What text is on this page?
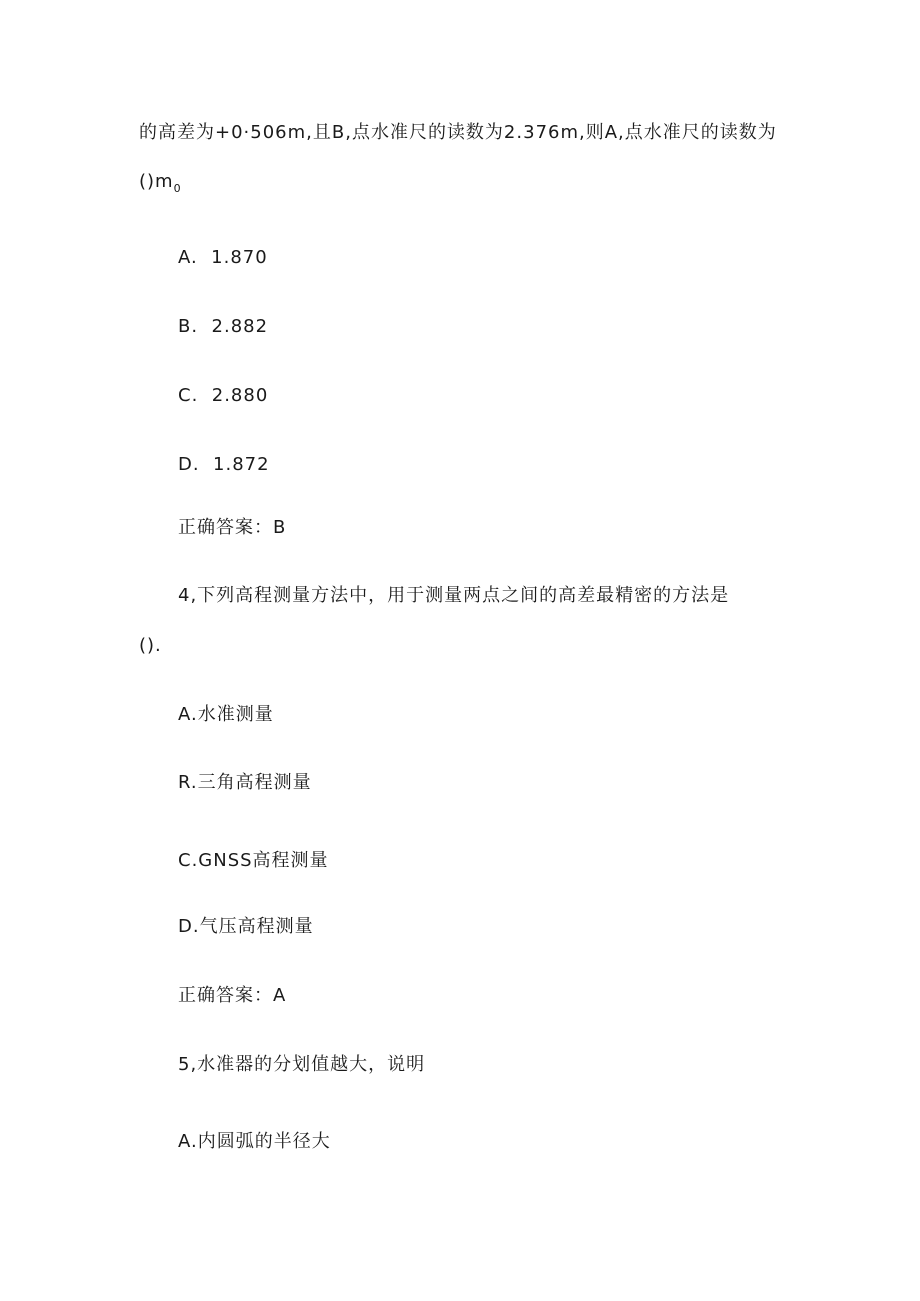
的高差为+0·506m,且B,点水准尺的读数为2.376m,则A,点水准尺的读数为
$()m_0$
A. 1.870
B. 2.882
C. 2.880
D. 1.872
正确答案：B
4,下列高程测量方法中，用于测量两点之间的高差最精密的方法是
().
A.水准测量
R.三角高程测量
C.GNSS高程测量
D.气压高程测量
正确答案：A
5,水准器的分划值越大，说明
A.内圆弧的半径大
